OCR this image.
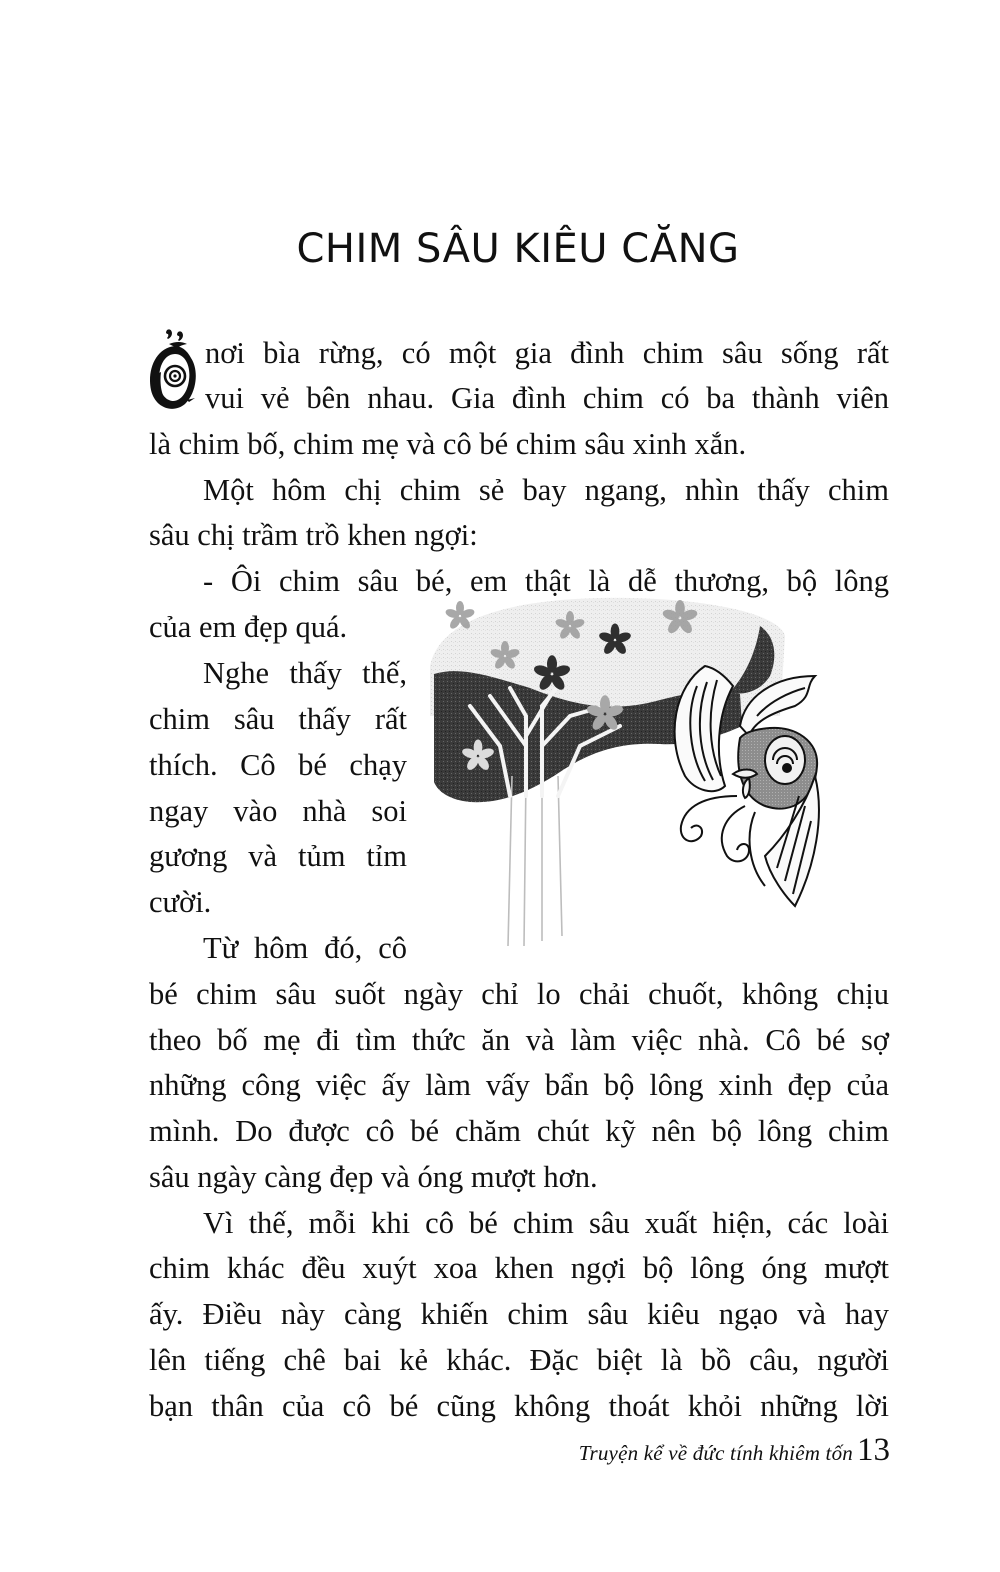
CHIM SÂU KIÊU CĂNG
nơi bìa rừng, có một gia đình chim sâu sống rất
vui vẻ bên nhau. Gia đình chim có ba thành viên
là chim bố, chim mẹ và cô bé chim sâu xinh xắn.
Một hôm chị chim sẻ bay ngang, nhìn thấy chim
sâu chị trầm trồ khen ngợi:
- Ôi chim sâu bé, em thật là dễ thương, bộ lông
của em đẹp quá.
Nghe thấy thế,
chim sâu thấy rất
thích. Cô bé chạy
ngay vào nhà soi
gương và tủm tỉm
cười.
Từ hôm đó, cô
bé chim sâu suốt ngày chỉ lo chải chuốt, không chịu
theo bố mẹ đi tìm thức ăn và làm việc nhà. Cô bé sợ
những công việc ấy làm vấy bẩn bộ lông xinh đẹp của
mình. Do được cô bé chăm chút kỹ nên bộ lông chim
sâu ngày càng đẹp và óng mượt hơn.
Vì thế, mỗi khi cô bé chim sâu xuất hiện, các loài
chim khác đều xuýt xoa khen ngợi bộ lông óng mượt
ấy. Điều này càng khiến chim sâu kiêu ngạo và hay
lên tiếng chê bai kẻ khác. Đặc biệt là bồ câu, người
bạn thân của cô bé cũng không thoát khỏi những lời
Truyện kể về đức tính khiêm tốn 13
